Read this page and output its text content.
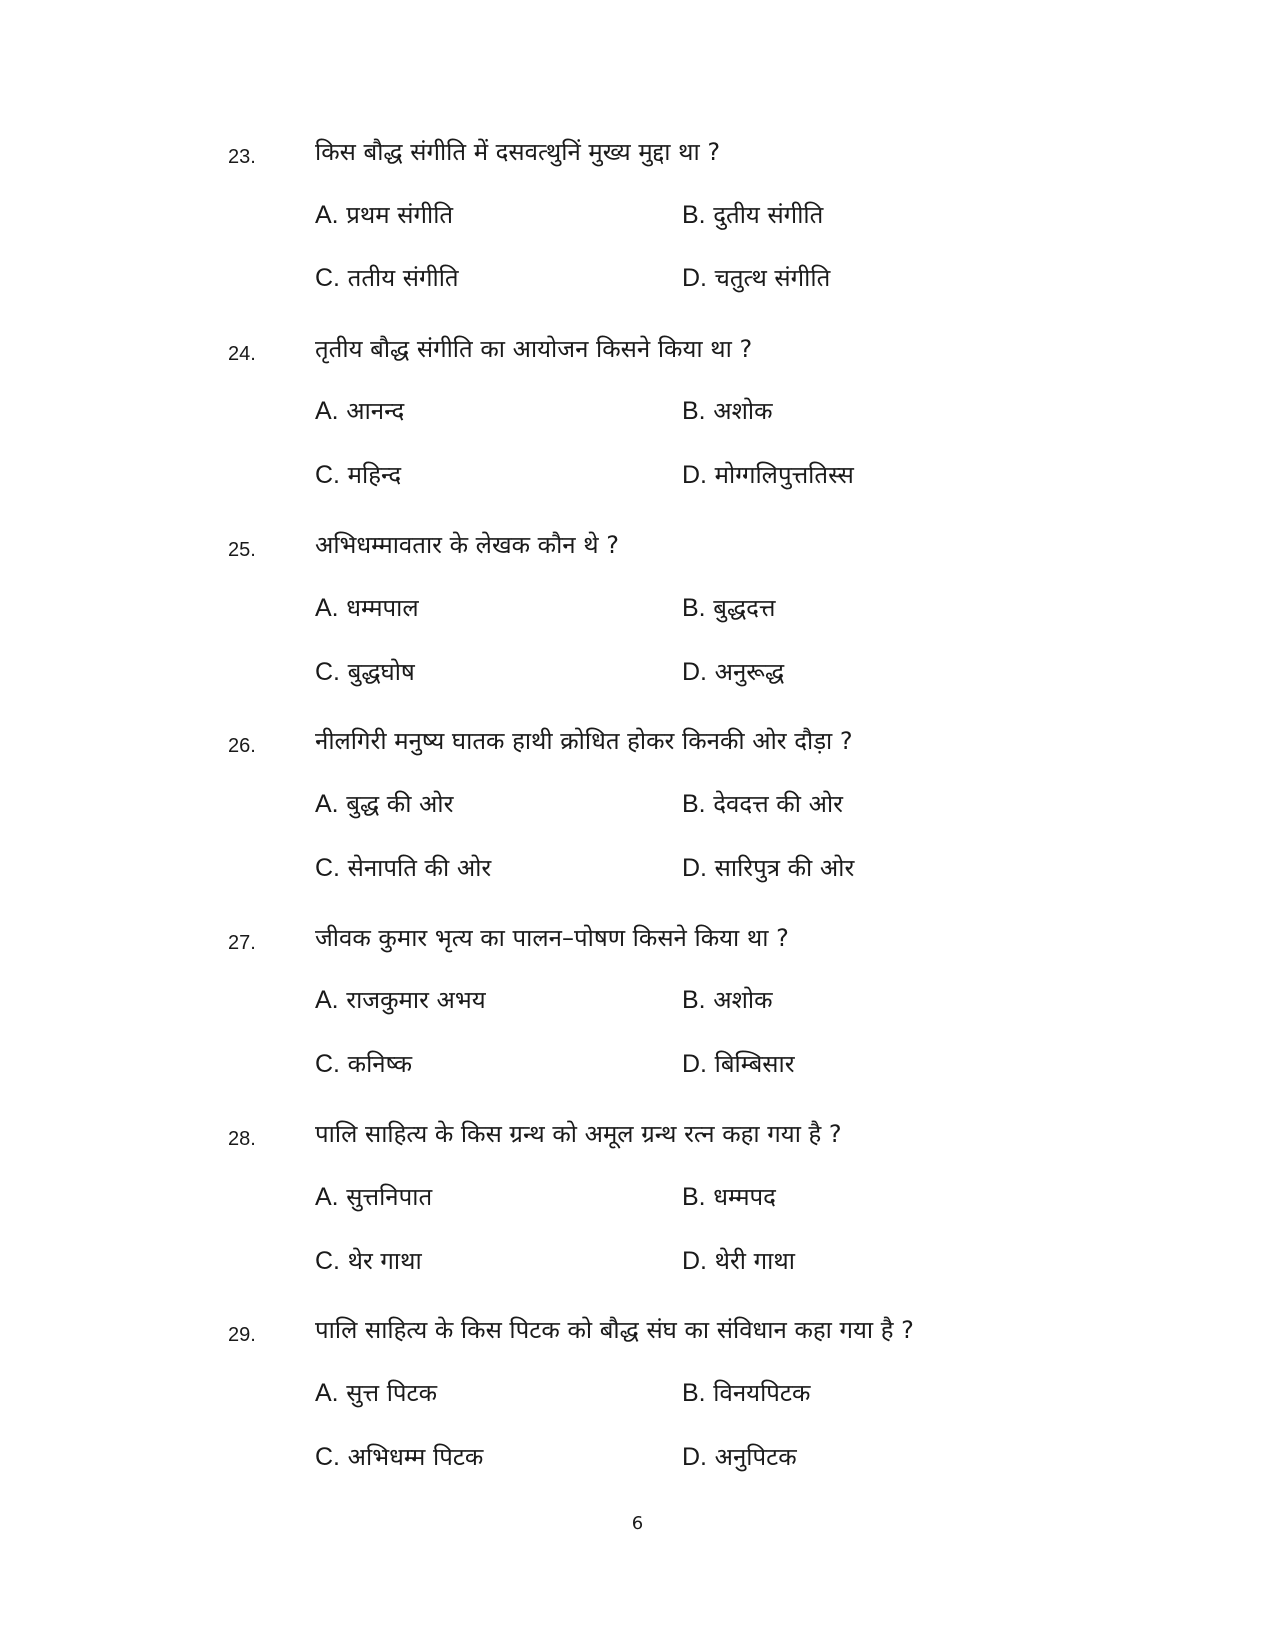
23.	किस बौद्ध संगीति में दसवत्थुनिं मुख्य मुद्दा था ?
A. प्रथम संगीति	B. दुतीय संगीति
C. ततीय संगीति	D. चतुत्थ संगीति
24.	तृतीय बौद्ध संगीति का आयोजन किसने किया था ?
A. आनन्द	B. अशोक
C. महिन्द	D. मोग्गलिपुत्ततिस्स
25.	अभिधम्मावतार के लेखक कौन थे ?
A. धम्मपाल	B. बुद्धदत्त
C. बुद्धघोष	D. अनुरूद्ध
26.	नीलगिरी मनुष्य घातक हाथी क्रोधित होकर किनकी ओर दौड़ा ?
A. बुद्ध की ओर	B. देवदत्त की ओर
C. सेनापति की ओर	D. सारिपुत्र की ओर
27.	जीवक कुमार भृत्य का पालन–पोषण किसने किया था ?
A. राजकुमार अभय	B. अशोक
C. कनिष्क	D. बिम्बिसार
28.	पालि साहित्य के किस ग्रन्थ को अमूल ग्रन्थ रत्न कहा गया है ?
A. सुत्तनिपात	B. धम्मपद
C. थेर गाथा	D. थेरी गाथा
29.	पालि साहित्य के किस पिटक को बौद्ध संघ का संविधान कहा गया है ?
A. सुत्त पिटक	B. विनयपिटक
C. अभिधम्म पिटक	D. अनुपिटक
6
